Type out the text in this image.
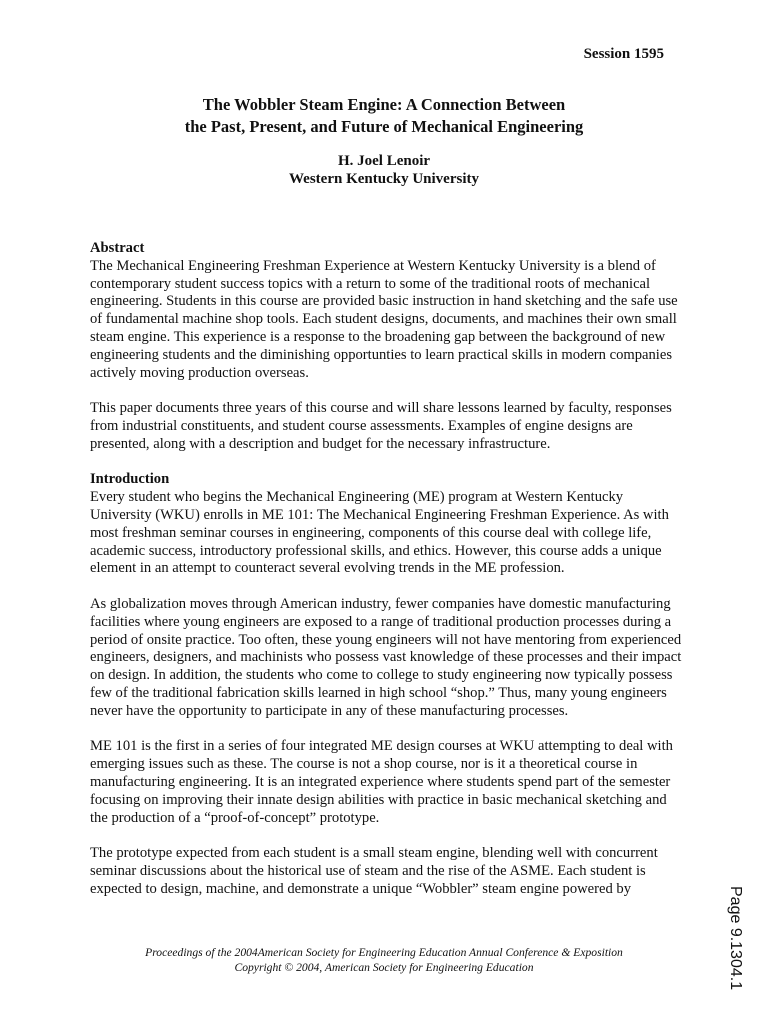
Session 1595
The Wobbler Steam Engine: A Connection Between
the Past, Present, and Future of Mechanical Engineering
H. Joel Lenoir
Western Kentucky University
Abstract

The Mechanical Engineering Freshman Experience at Western Kentucky University is a blend of contemporary student success topics with a return to some of the traditional roots of mechanical engineering. Students in this course are provided basic instruction in hand sketching and the safe use of fundamental machine shop tools. Each student designs, documents, and machines their own small steam engine. This experience is a response to the broadening gap between the background of new engineering students and the diminishing opportunties to learn practical skills in modern companies actively moving production overseas.

This paper documents three years of this course and will share lessons learned by faculty, responses from industrial constituents, and student course assessments. Examples of engine designs are presented, along with a description and budget for the necessary infrastructure.

Introduction

Every student who begins the Mechanical Engineering (ME) program at Western Kentucky University (WKU) enrolls in ME 101: The Mechanical Engineering Freshman Experience. As with most freshman seminar courses in engineering, components of this course deal with college life, academic success, introductory professional skills, and ethics. However, this course adds a unique element in an attempt to counteract several evolving trends in the ME profession.

As globalization moves through American industry, fewer companies have domestic manufacturing facilities where young engineers are exposed to a range of traditional production processes during a period of onsite practice. Too often, these young engineers will not have mentoring from experienced engineers, designers, and machinists who possess vast knowledge of these processes and their impact on design. In addition, the students who come to college to study engineering now typically possess few of the traditional fabrication skills learned in high school “shop.” Thus, many young engineers never have the opportunity to participate in any of these manufacturing processes.

ME 101 is the first in a series of four integrated ME design courses at WKU attempting to deal with emerging issues such as these. The course is not a shop course, nor is it a theoretical course in manufacturing engineering. It is an integrated experience where students spend part of the semester focusing on improving their innate design abilities with practice in basic mechanical sketching and the production of a “proof-of-concept” prototype.

The prototype expected from each student is a small steam engine, blending well with concurrent seminar discussions about the historical use of steam and the rise of the ASME. Each student is expected to design, machine, and demonstrate a unique “Wobbler” steam engine powered by

Proceedings of the 2004American Society for Engineering Education Annual Conference & Exposition
Copyright © 2004, American Society for Engineering Education	Page 9.1304.1
